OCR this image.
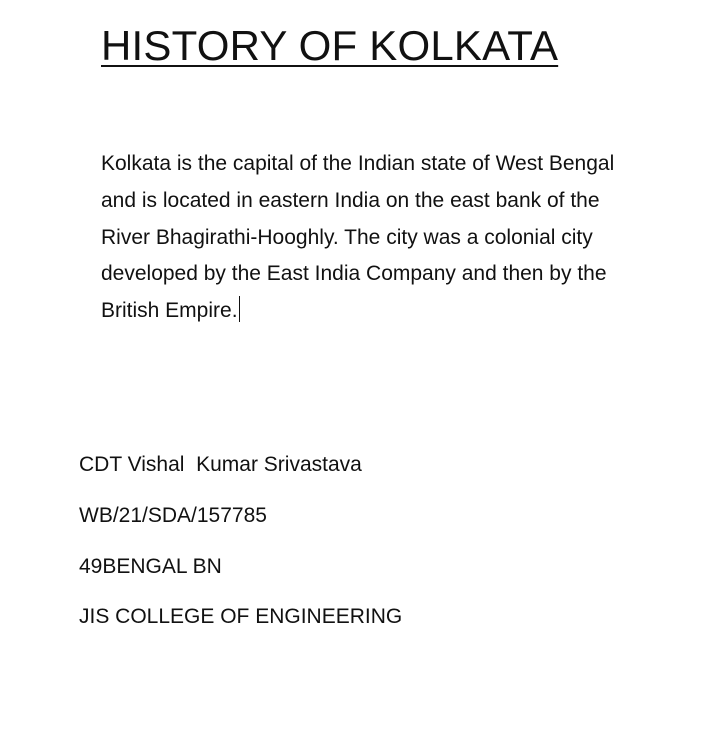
HISTORY OF KOLKATA

Kolkata is the capital of the Indian state of West Bengal and is located in eastern India on the east bank of the River Bhagirathi-Hooghly. The city was a colonial city developed by the East India Company and then by the British Empire.

CDT Vishal  Kumar Srivastava

WB/21/SDA/157785

49BENGAL BN

JIS COLLEGE OF ENGINEERING
